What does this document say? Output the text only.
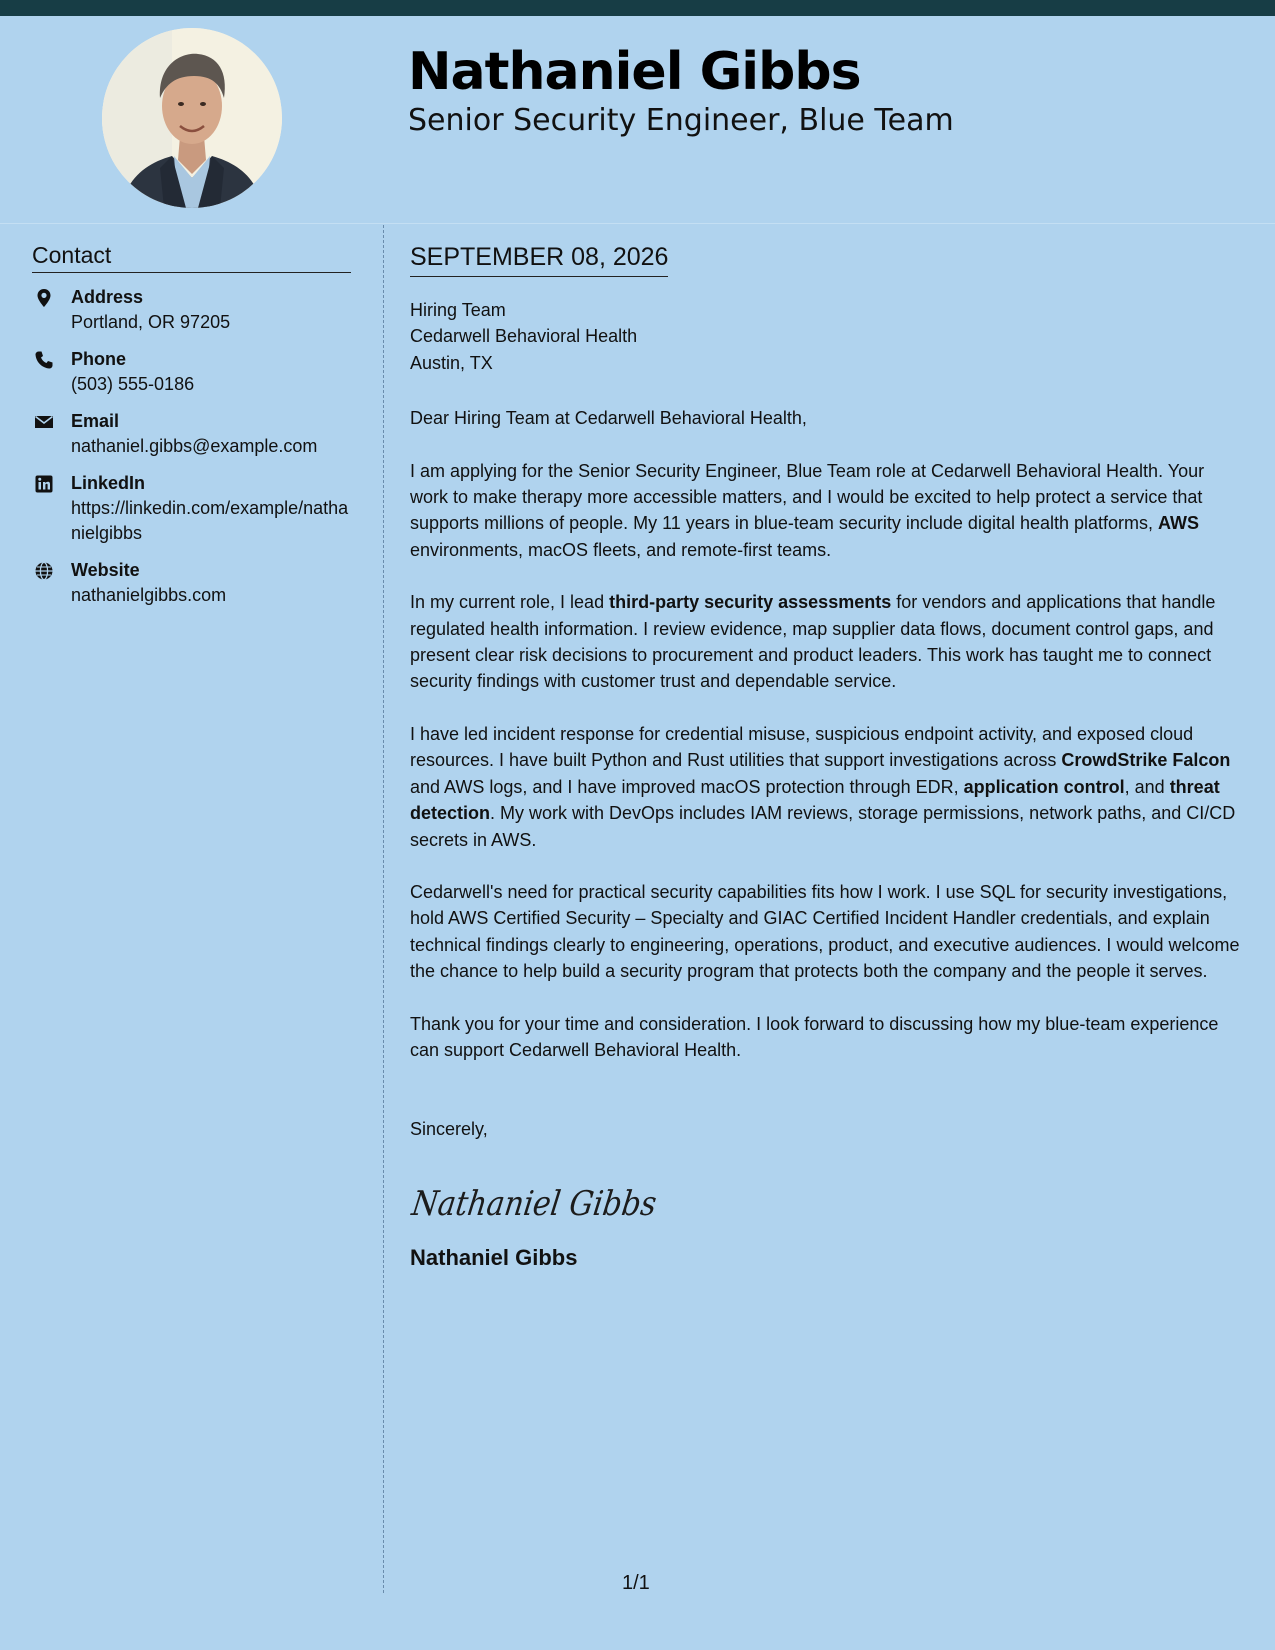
Nathaniel Gibbs
Senior Security Engineer, Blue Team
Contact
Address
Portland, OR 97205
Phone
(503) 555-0186
Email
nathaniel.gibbs@example.com
LinkedIn
https://linkedin.com/example/nathanielgibbs
Website
nathanielgibbs.com
SEPTEMBER 08, 2026

Hiring Team

Cedarwell Behavioral Health

Austin, TX

Dear Hiring Team at Cedarwell Behavioral Health,

I am applying for the Senior Security Engineer, Blue Team role at Cedarwell Behavioral Health. Your work to make therapy more accessible matters, and I would be excited to help protect a service that supports millions of people. My 11 years in blue-team security include digital health platforms, AWS environments, macOS fleets, and remote-first teams.

In my current role, I lead third-party security assessments for vendors and applications that handle regulated health information. I review evidence, map supplier data flows, document control gaps, and present clear risk decisions to procurement and product leaders. This work has taught me to connect security findings with customer trust and dependable service.

I have led incident response for credential misuse, suspicious endpoint activity, and exposed cloud resources. I have built Python and Rust utilities that support investigations across CrowdStrike Falcon and AWS logs, and I have improved macOS protection through EDR, application control, and threat detection. My work with DevOps includes IAM reviews, storage permissions, network paths, and CI/CD secrets in AWS.

Cedarwell's need for practical security capabilities fits how I work. I use SQL for security investigations, hold AWS Certified Security – Specialty and GIAC Certified Incident Handler credentials, and explain technical findings clearly to engineering, operations, product, and executive audiences. I would welcome the chance to help build a security program that protects both the company and the people it serves.

Thank you for your time and consideration. I look forward to discussing how my blue-team experience can support Cedarwell Behavioral Health.

Sincerely,
Nathaniel Gibbs
Nathaniel Gibbs
1/1
